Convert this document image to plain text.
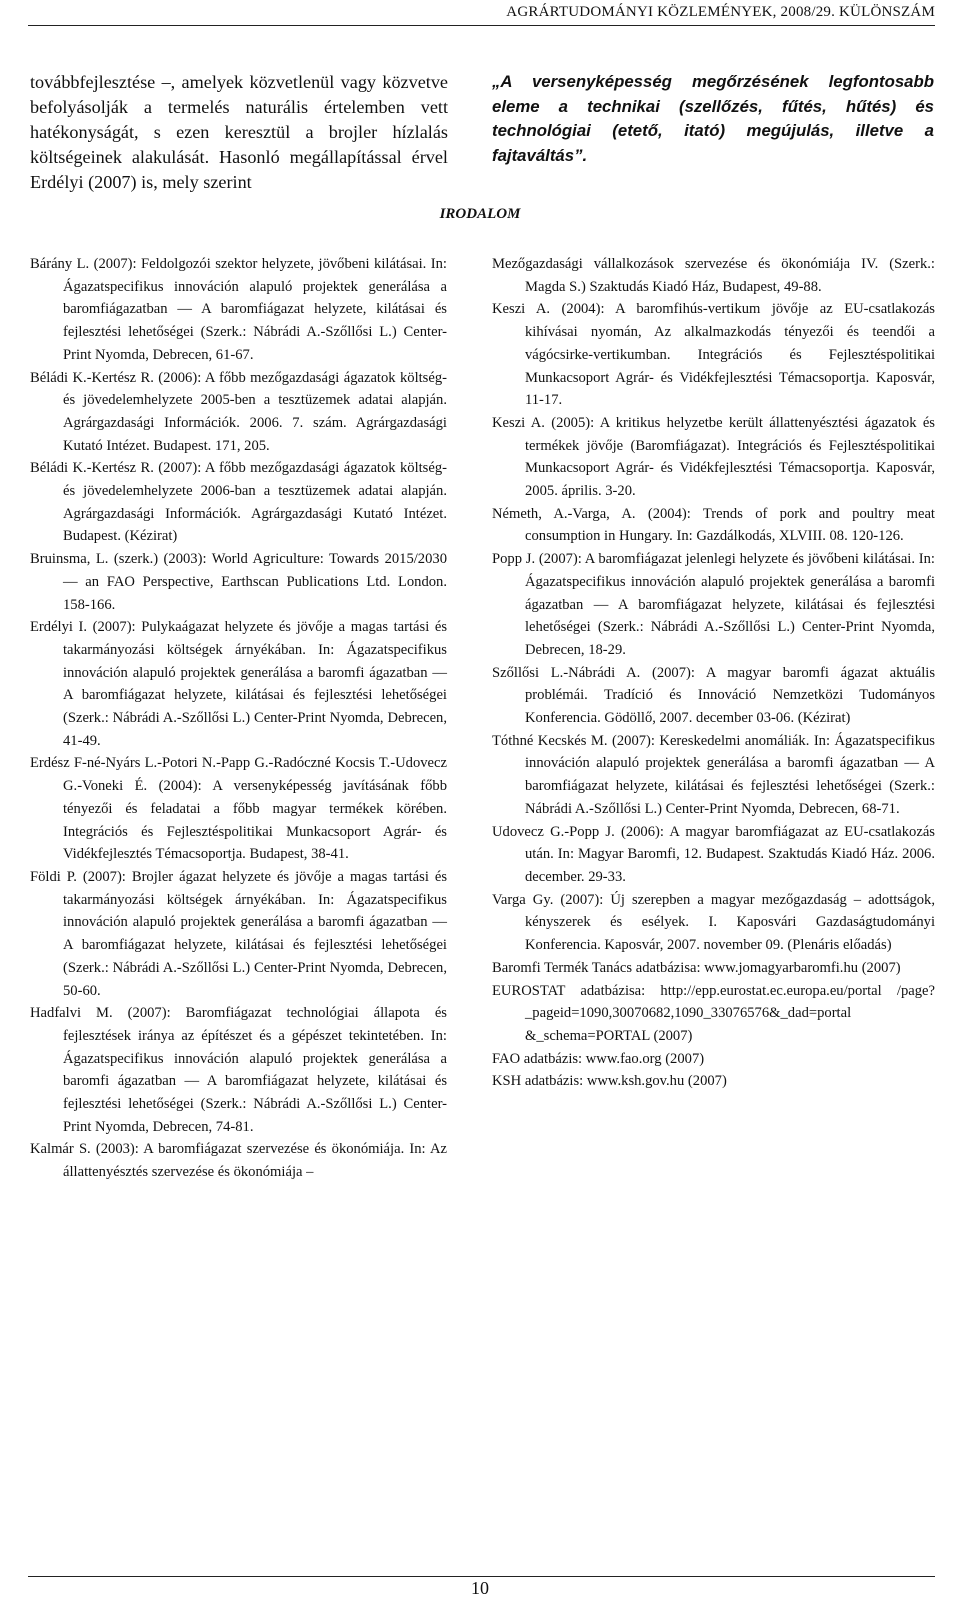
AGRÁRTUDOMÁNYI KÖZLEMÉNYEK, 2008/29. KÜLÖNSZÁM

továbbfejlesztése –, amelyek közvetlenül vagy közvetve befolyásolják a termelés naturális értelemben vett hatékonyságát, s ezen keresztül a brojler hízlalás költségeinek alakulását. Hasonló megállapítással érvel Erdélyi (2007) is, mely szerint

„A versenyképesség megőrzésének legfontosabb eleme a technikai (szellőzés, fűtés, hűtés) és technológiai (etető, itató) megújulás, illetve a fajtaváltás”.

IRODALOM

Bárány L. (2007): Feldolgozói szektor helyzete, jövőbeni kilátásai. In: Ágazatspecifikus innováción alapuló projektek generálása a baromfiágazatban ― A baromfiágazat helyzete, kilátásai és fejlesztési lehetőségei (Szerk.: Nábrádi A.-Szőllősi L.) Center-Print Nyomda, Debrecen, 61-67.

Béládi K.-Kertész R. (2006): A főbb mezőgazdasági ágazatok költség- és jövedelemhelyzete 2005-ben a tesztüzemek adatai alapján. Agrárgazdasági Információk. 2006. 7. szám. Agrárgazdasági Kutató Intézet. Budapest. 171, 205.

Béládi K.-Kertész R. (2007): A főbb mezőgazdasági ágazatok költség- és jövedelemhelyzete 2006-ban a tesztüzemek adatai alapján. Agrárgazdasági Információk. Agrárgazdasági Kutató Intézet. Budapest. (Kézirat)

Bruinsma, L. (szerk.) (2003): World Agriculture: Towards 2015/2030 ― an FAO Perspective, Earthscan Publications Ltd. London. 158-166.

Erdélyi I. (2007): Pulykaágazat helyzete és jövője a magas tartási és takarmányozási költségek árnyékában. In: Ágazatspecifikus innováción alapuló projektek generálása a baromfi ágazatban ― A baromfiágazat helyzete, kilátásai és fejlesztési lehetőségei (Szerk.: Nábrádi A.-Szőllősi L.) Center-Print Nyomda, Debrecen, 41-49.

Erdész F-né-Nyárs L.-Potori N.-Papp G.-Radóczné Kocsis T.-Udovecz G.-Voneki É. (2004): A versenyképesség javításának főbb tényezői és feladatai a főbb magyar termékek körében. Integrációs és Fejlesztéspolitikai Munkacsoport Agrár- és Vidékfejlesztés Témacsoportja. Budapest, 38-41.

Földi P. (2007): Brojler ágazat helyzete és jövője a magas tartási és takarmányozási költségek árnyékában. In: Ágazatspecifikus innováción alapuló projektek generálása a baromfi ágazatban ― A baromfiágazat helyzete, kilátásai és fejlesztési lehetőségei (Szerk.: Nábrádi A.-Szőllősi L.) Center-Print Nyomda, Debrecen, 50-60.

Hadfalvi M. (2007): Baromfiágazat technológiai állapota és fejlesztések iránya az építészet és a gépészet tekintetében. In: Ágazatspecifikus innováción alapuló projektek generálása a baromfi ágazatban ― A baromfiágazat helyzete, kilátásai és fejlesztési lehetőségei (Szerk.: Nábrádi A.-Szőllősi L.) Center-Print Nyomda, Debrecen, 74-81.

Kalmár S. (2003): A baromfiágazat szervezése és ökonómiája. In: Az állattenyésztés szervezése és ökonómiája –

Mezőgazdasági vállalkozások szervezése és ökonómiája IV. (Szerk.: Magda S.) Szaktudás Kiadó Ház, Budapest, 49-88.

Keszi A. (2004): A baromfihús-vertikum jövője az EU-csatlakozás kihívásai nyomán, Az alkalmazkodás tényezői és teendői a vágócsirke-vertikumban. Integrációs és Fejlesztéspolitikai Munkacsoport Agrár- és Vidékfejlesztési Témacsoportja. Kaposvár, 11-17.

Keszi A. (2005): A kritikus helyzetbe került állattenyésztési ágazatok és termékek jövője (Baromfiágazat). Integrációs és Fejlesztéspolitikai Munkacsoport Agrár- és Vidékfejlesztési Témacsoportja. Kaposvár, 2005. április. 3-20.

Németh, A.-Varga, A. (2004): Trends of pork and poultry meat consumption in Hungary. In: Gazdálkodás, XLVIII. 08. 120-126.

Popp J. (2007): A baromfiágazat jelenlegi helyzete és jövőbeni kilátásai. In: Ágazatspecifikus innováción alapuló projektek generálása a baromfi ágazatban ― A baromfiágazat helyzete, kilátásai és fejlesztési lehetőségei (Szerk.: Nábrádi A.-Szőllősi L.) Center-Print Nyomda, Debrecen, 18-29.

Szőllősi L.-Nábrádi A. (2007): A magyar baromfi ágazat aktuális problémái. Tradíció és Innováció Nemzetközi Tudományos Konferencia. Gödöllő, 2007. december 03-06. (Kézirat)

Tóthné Kecskés M. (2007): Kereskedelmi anomáliák. In: Ágazatspecifikus innováción alapuló projektek generálása a baromfi ágazatban ― A baromfiágazat helyzete, kilátásai és fejlesztési lehetőségei (Szerk.: Nábrádi A.-Szőllősi L.) Center-Print Nyomda, Debrecen, 68-71.

Udovecz G.-Popp J. (2006): A magyar baromfiágazat az EU-csatlakozás után. In: Magyar Baromfi, 12. Budapest. Szaktudás Kiadó Ház. 2006. december. 29-33.

Varga Gy. (2007): Új szerepben a magyar mezőgazdaság – adottságok, kényszerek és esélyek. I. Kaposvári Gazdaságtudományi Konferencia. Kaposvár, 2007. november 09. (Plenáris előadás)

Baromfi Termék Tanács adatbázisa: www.jomagyarbaromfi.hu (2007)

EUROSTAT adatbázisa: http://epp.eurostat.ec.europa.eu/portal /page?_pageid=1090,30070682,1090_33076576&_dad=portal &_schema=PORTAL (2007)

FAO adatbázis: www.fao.org (2007)

KSH adatbázis: www.ksh.gov.hu (2007)

10
